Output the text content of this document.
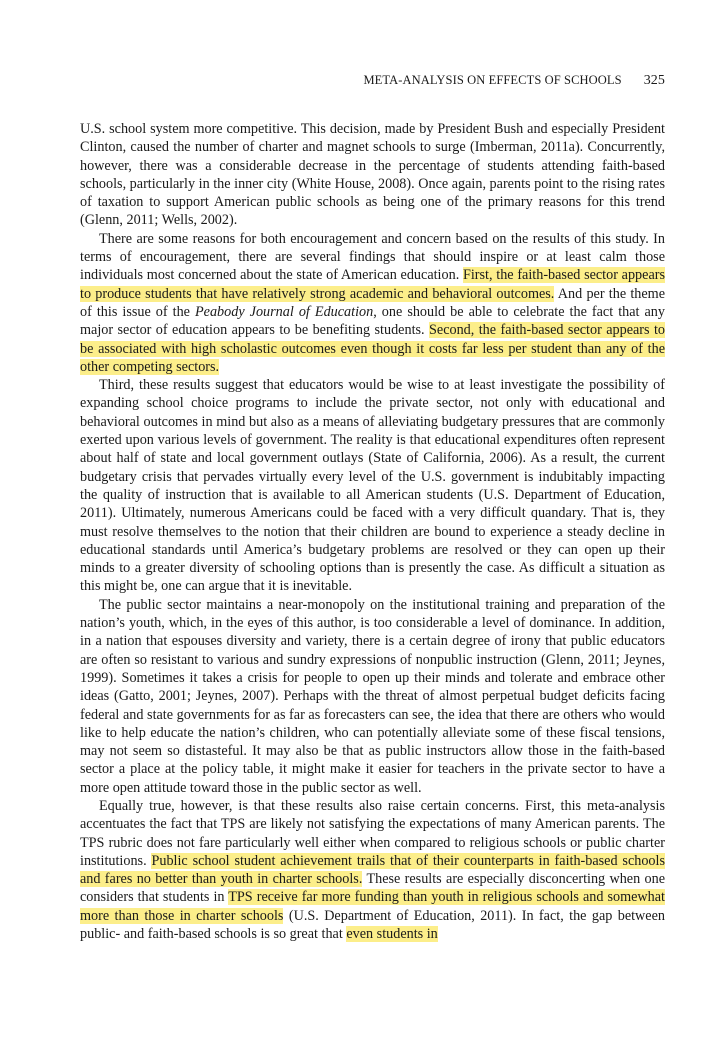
META-ANALYSIS ON EFFECTS OF SCHOOLS 325

U.S. school system more competitive. This decision, made by President Bush and especially President Clinton, caused the number of charter and magnet schools to surge (Imberman, 2011a). Concurrently, however, there was a considerable decrease in the percentage of students attending faith-based schools, particularly in the inner city (White House, 2008). Once again, parents point to the rising rates of taxation to support American public schools as being one of the primary reasons for this trend (Glenn, 2011; Wells, 2002).

There are some reasons for both encouragement and concern based on the results of this study. In terms of encouragement, there are several findings that should inspire or at least calm those individuals most concerned about the state of American education. First, the faith-based sector appears to produce students that have relatively strong academic and behavioral outcomes. And per the theme of this issue of the Peabody Journal of Education, one should be able to celebrate the fact that any major sector of education appears to be benefiting students. Second, the faith-based sector appears to be associated with high scholastic outcomes even though it costs far less per student than any of the other competing sectors.

Third, these results suggest that educators would be wise to at least investigate the possibility of expanding school choice programs to include the private sector, not only with educational and behavioral outcomes in mind but also as a means of alleviating budgetary pressures that are commonly exerted upon various levels of government. The reality is that educational expenditures often represent about half of state and local government outlays (State of California, 2006). As a result, the current budgetary crisis that pervades virtually every level of the U.S. government is indubitably impacting the quality of instruction that is available to all American students (U.S. Department of Education, 2011). Ultimately, numerous Americans could be faced with a very difficult quandary. That is, they must resolve themselves to the notion that their children are bound to experience a steady decline in educational standards until America’s budgetary problems are resolved or they can open up their minds to a greater diversity of schooling options than is presently the case. As difficult a situation as this might be, one can argue that it is inevitable.

The public sector maintains a near-monopoly on the institutional training and preparation of the nation’s youth, which, in the eyes of this author, is too considerable a level of dominance. In addition, in a nation that espouses diversity and variety, there is a certain degree of irony that public educators are often so resistant to various and sundry expressions of nonpublic instruction (Glenn, 2011; Jeynes, 1999). Sometimes it takes a crisis for people to open up their minds and tolerate and embrace other ideas (Gatto, 2001; Jeynes, 2007). Perhaps with the threat of almost perpetual budget deficits facing federal and state governments for as far as forecasters can see, the idea that there are others who would like to help educate the nation’s children, who can potentially alleviate some of these fiscal tensions, may not seem so distasteful. It may also be that as public instructors allow those in the faith-based sector a place at the policy table, it might make it easier for teachers in the private sector to have a more open attitude toward those in the public sector as well.

Equally true, however, is that these results also raise certain concerns. First, this meta-analysis accentuates the fact that TPS are likely not satisfying the expectations of many American parents. The TPS rubric does not fare particularly well either when compared to religious schools or public charter institutions. Public school student achievement trails that of their counterparts in faith-based schools and fares no better than youth in charter schools. These results are especially disconcerting when one considers that students in TPS receive far more funding than youth in religious schools and somewhat more than those in charter schools (U.S. Department of Education, 2011). In fact, the gap between public- and faith-based schools is so great that even students in
